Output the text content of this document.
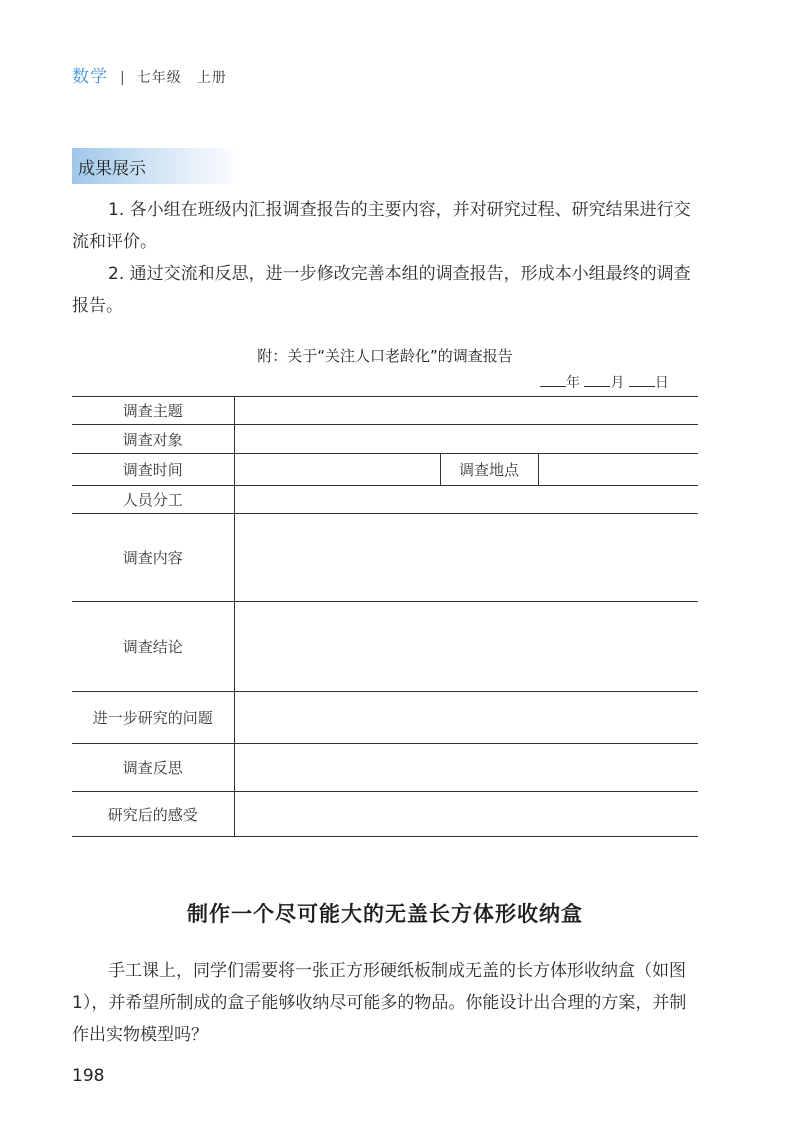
数学 | 七年级　上册
成果展示
1. 各小组在班级内汇报调查报告的主要内容，并对研究过程、研究结果进行交流和评价。
2. 通过交流和反思，进一步修改完善本组的调查报告，形成本小组最终的调查报告。
附：关于“关注人口老龄化”的调查报告
年 月 日
调查主题			
调查对象			
调查时间		调查地点	
人员分工			
调查内容			
调查结论			
进一步研究的问题			
调查反思			
研究后的感受			
制作一个尽可能大的无盖长方体形收纳盒
手工课上，同学们需要将一张正方形硬纸板制成无盖的长方体形收纳盒（如图 1），并希望所制成的盒子能够收纳尽可能多的物品。你能设计出合理的方案，并制作出实物模型吗？
198
